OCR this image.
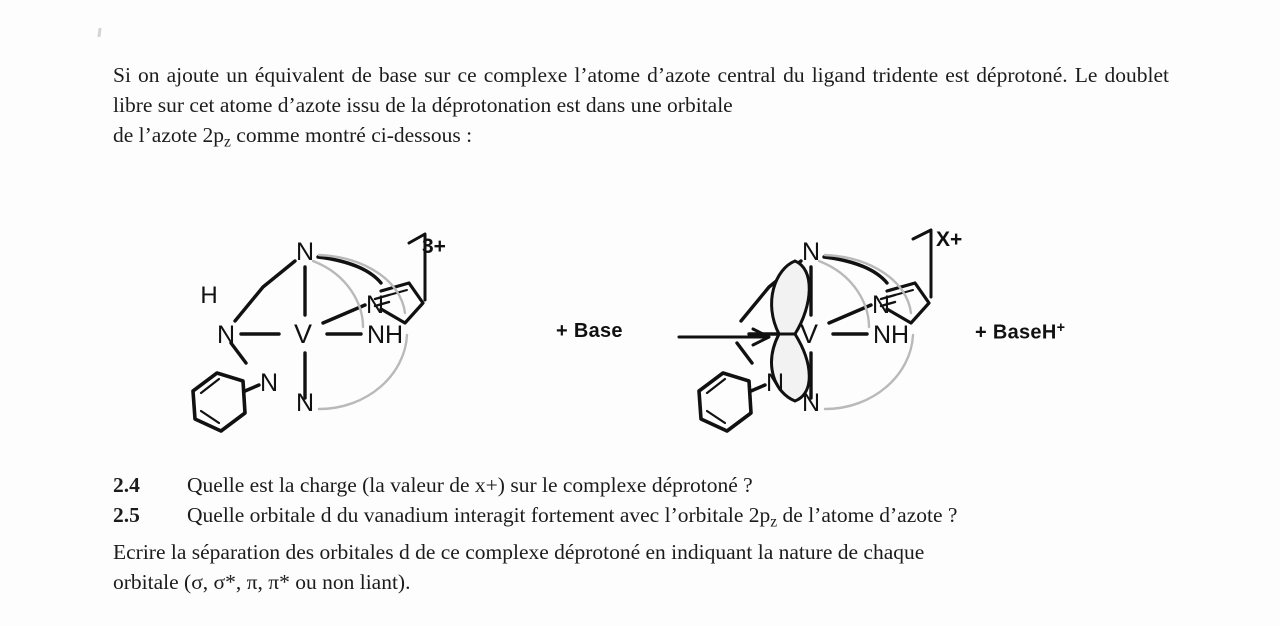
Si on ajoute un équivalent de base sur ce complexe l’atome d’azote central du ligand tridente est déprotoné. Le doublet libre sur cet atome d’azote issu de la déprotonation est dans une orbitale
de l’azote $2p_z$ comme montré ci-dessous :
N
V
N
N
H
N
N
NH
N
V
N
N
N
NH
3+	X+
+ Base	+ BaseH+
2.4 Quelle est la charge (la valeur de x+) sur le complexe déprotoné ?
2.5 Quelle orbitale d du vanadium interagit fortement avec l’orbitale $2p_z$ de l’atome d’azote ?
Ecrire la séparation des orbitales d de ce complexe déprotoné en indiquant la nature de chaque
orbitale (σ, σ*, π, π* ou non liant).
